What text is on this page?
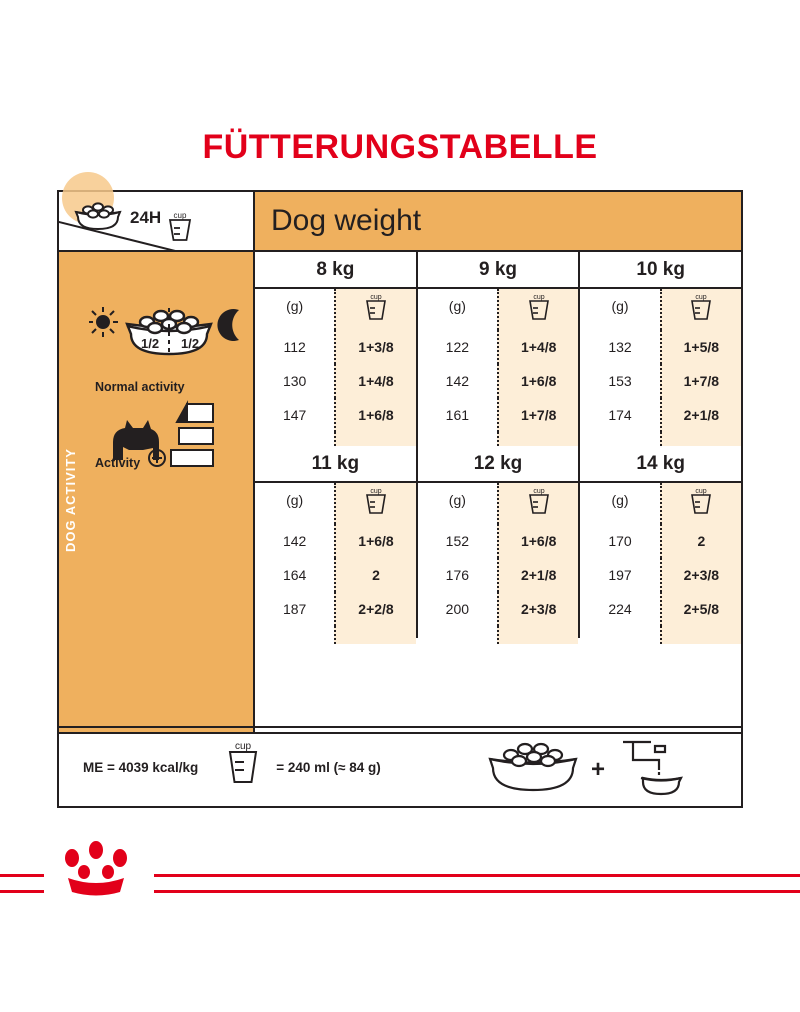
FÜTTERUNGSTABELLE
Dog weight
DOG ACTIVITY
1/2 1/2
Normal activity
Activity
8 kg	9 kg	10 kg
(g)
cup
(g)
cup
(g)
cup
112	1+3/8	122	1+4/8	132	1+5/8
130	1+4/8	142	1+6/8	153	1+7/8
147	1+6/8	161	1+7/8	174	2+1/8
11 kg	12 kg	14 kg
(g)
cup
(g)
cup
(g)
cup
142	1+6/8	152	1+6/8	170	2
164	2	176	2+1/8	197	2+3/8
187	2+2/8	200	2+3/8	224	2+5/8
24H cup
ME = 4039 kcal/kg
cup
= 240 ml (≈ 84 g)	+
